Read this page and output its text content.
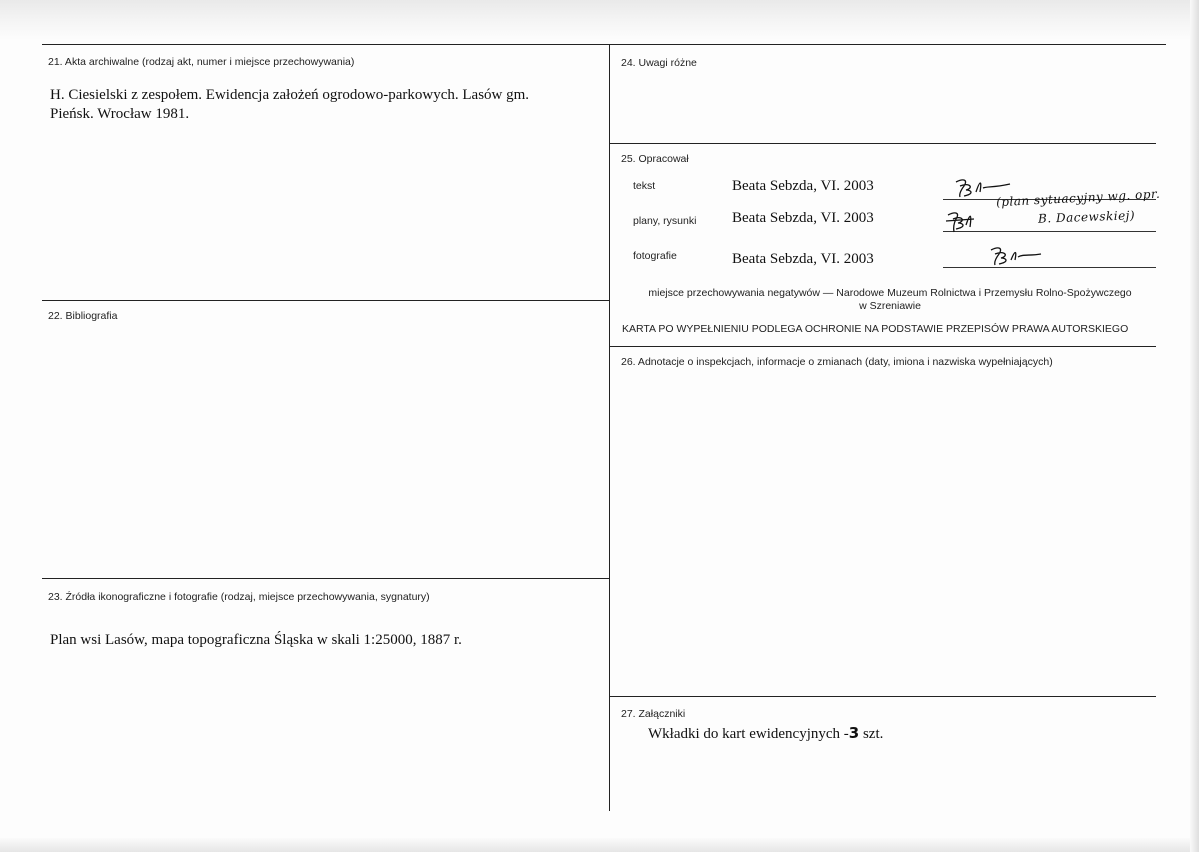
21. Akta archiwalne (rodzaj akt, numer i miejsce przechowywania)
H. Ciesielski z zespołem. Ewidencja założeń ogrodowo-parkowych. Lasów gm.
Pieńsk. Wrocław 1981.
22. Bibliografia
23. Źródła ikonograficzne i fotografie (rodzaj, miejsce przechowywania, sygnatury)
Plan wsi Lasów, mapa topograficzna Śląska w skali 1:25000, 1887 r.
24. Uwagi różne
25. Opracował
tekst	Beata Sebzda, VI. 2003
plany, rysunki Beata Sebzda, VI. 2003
fotografie	Beata Sebzda, VI. 2003
(plan sytuacyjny wg. opr.
B. Dacewskiej)
miejsce przechowywania negatywów — Narodowe Muzeum Rolnictwa i Przemysłu Rolno-Spożywczego
w Szreniawie
KARTA PO WYPEŁNIENIU PODLEGA OCHRONIE NA PODSTAWIE PRZEPISÓW PRAWA AUTORSKIEGO
26. Adnotacje o inspekcjach, informacje o zmianach (daty, imiona i nazwiska wypełniających)
27. Załączniki
Wkładki do kart ewidencyjnych -3 szt.
